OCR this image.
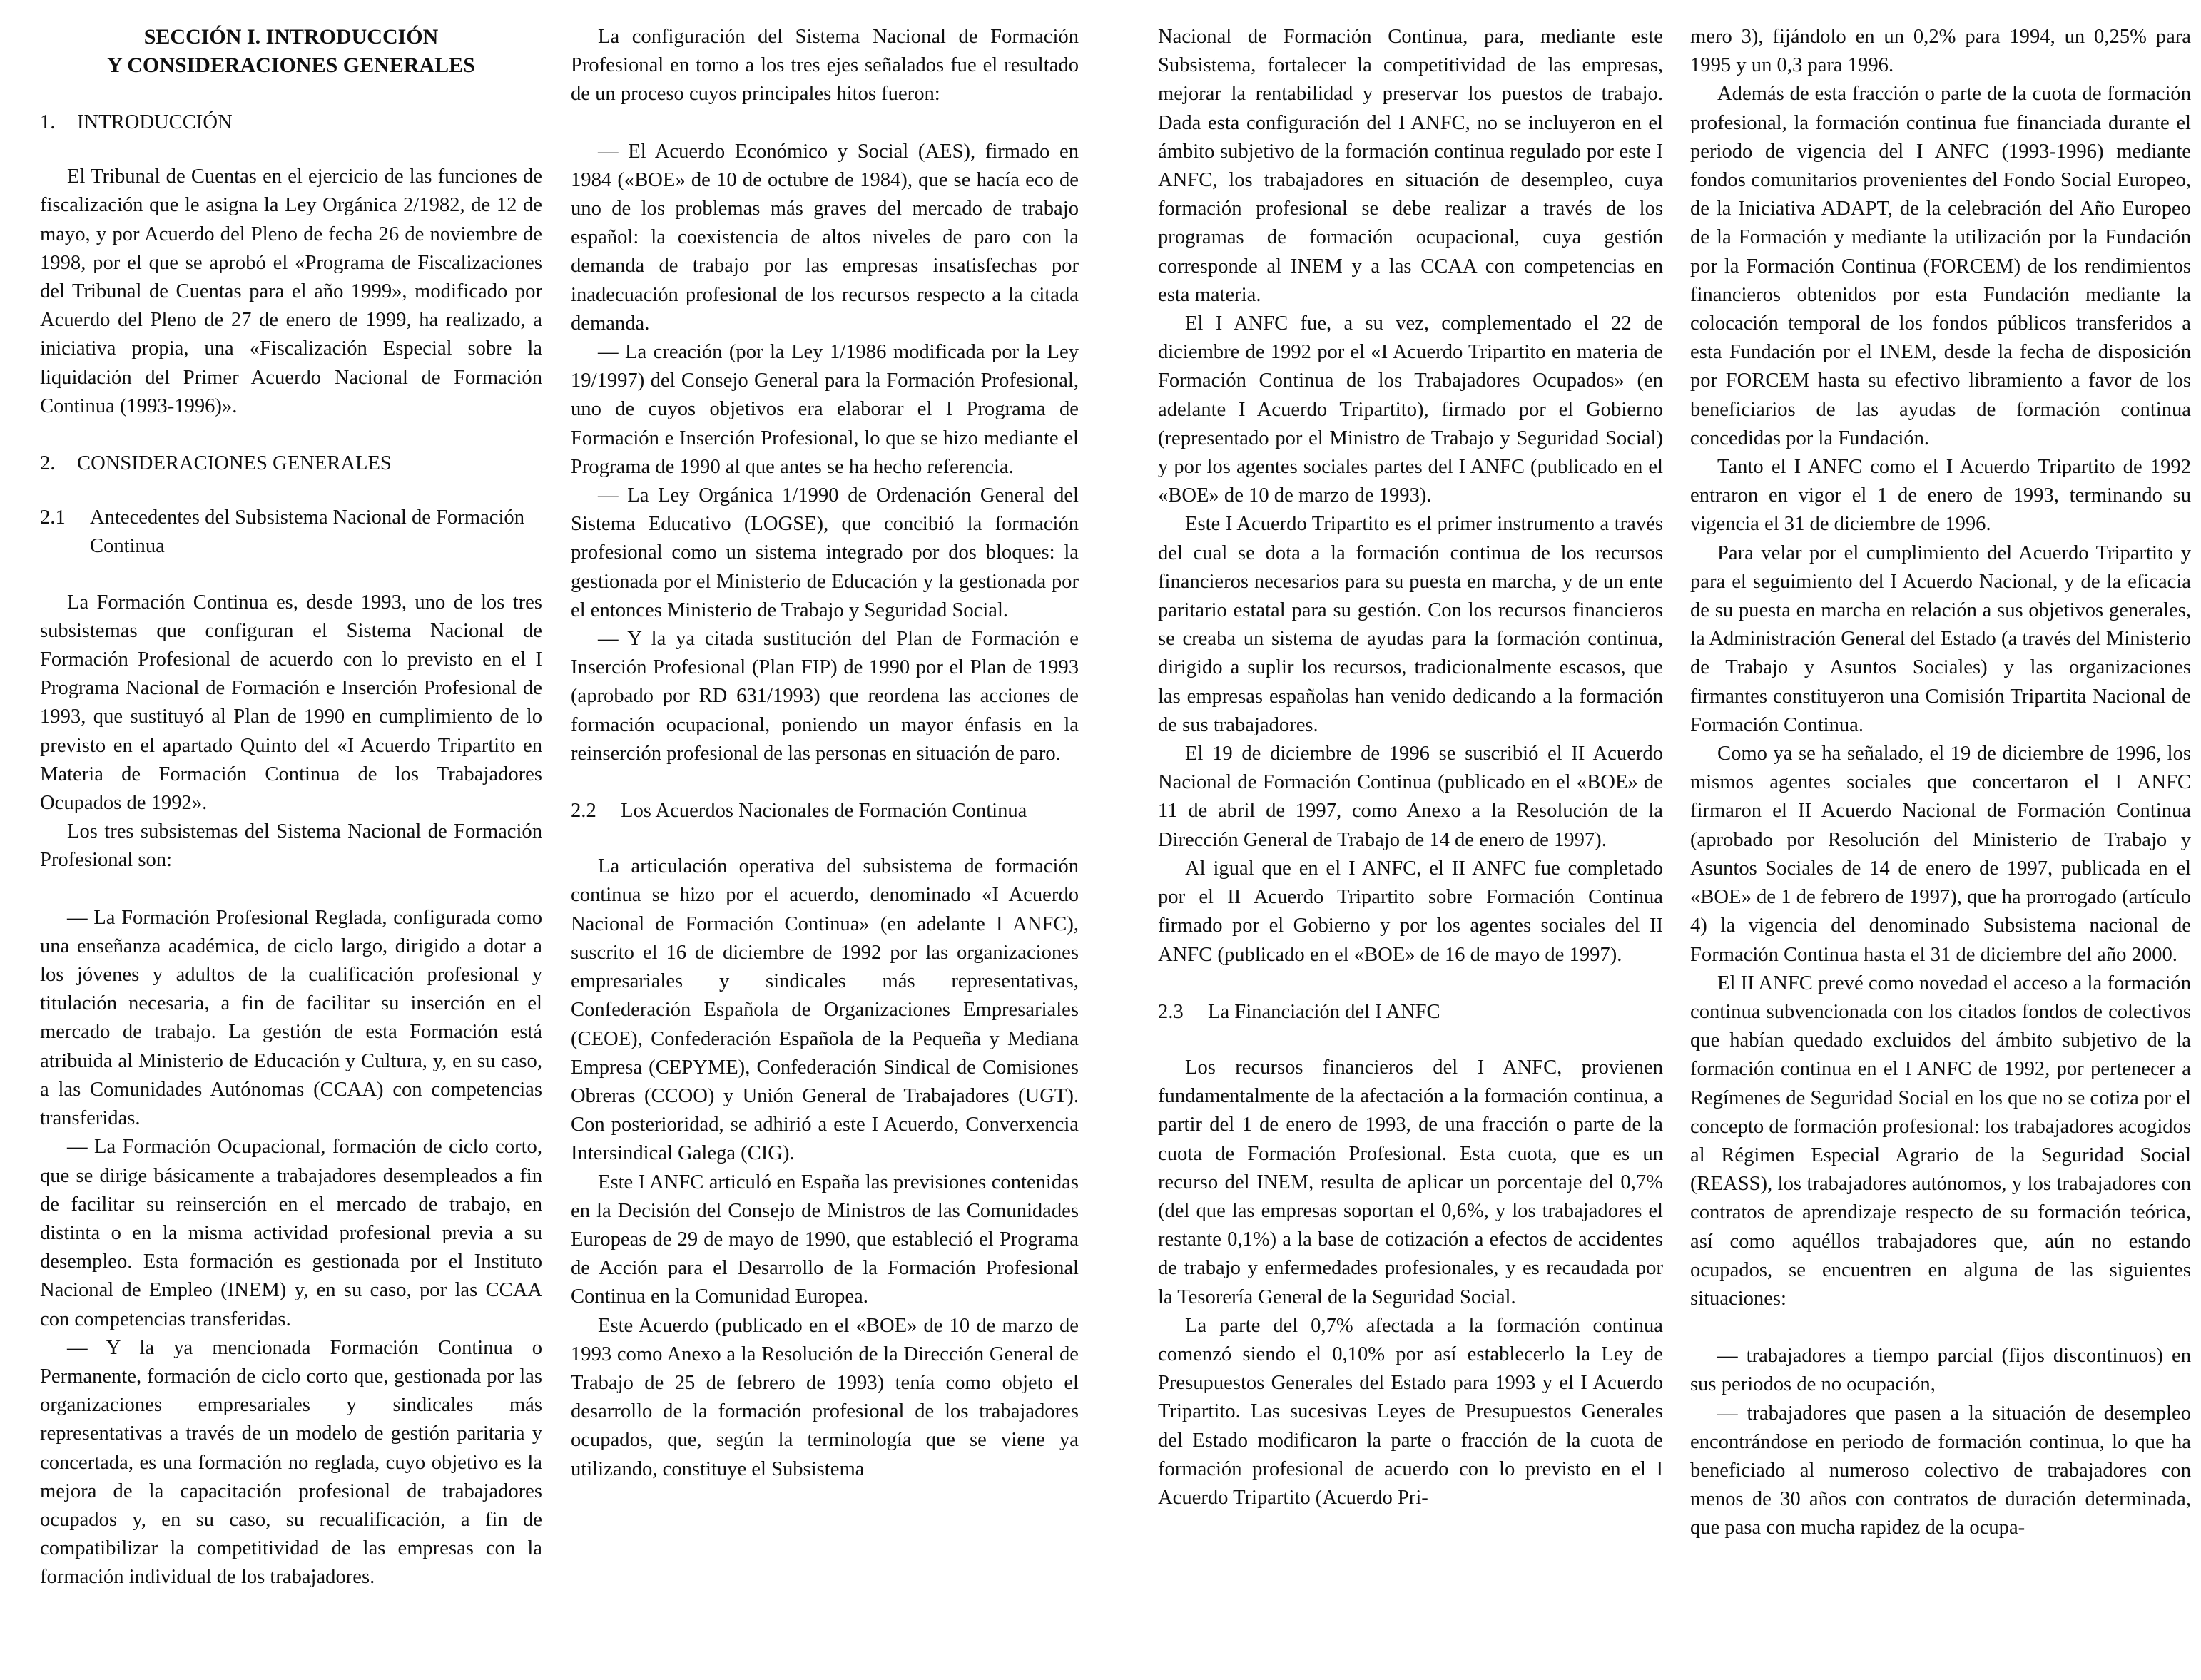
SECCIÓN I. INTRODUCCIÓN
Y CONSIDERACIONES GENERALES
1. INTRODUCCIÓN

El Tribunal de Cuentas en el ejercicio de las funciones de fiscalización que le asigna la Ley Orgánica 2/1982, de 12 de mayo, y por Acuerdo del Pleno de fecha 26 de noviembre de 1998, por el que se aprobó el «Programa de Fiscalizaciones del Tribunal de Cuentas para el año 1999», modificado por Acuerdo del Pleno de 27 de enero de 1999, ha realizado, a iniciativa propia, una «Fiscalización Especial sobre la liquidación del Primer Acuerdo Nacional de Formación Continua (1993-1996)».

2. CONSIDERACIONES GENERALES
2.1 Antecedentes del Subsistema Nacional de Formación Continua

La Formación Continua es, desde 1993, uno de los tres subsistemas que configuran el Sistema Nacional de Formación Profesional de acuerdo con lo previsto en el I Programa Nacional de Formación e Inserción Profesional de 1993, que sustituyó al Plan de 1990 en cumplimiento de lo previsto en el apartado Quinto del «I Acuerdo Tripartito en Materia de Formación Continua de los Trabajadores Ocupados de 1992».

Los tres subsistemas del Sistema Nacional de Formación Profesional son:

— La Formación Profesional Reglada, configurada como una enseñanza académica, de ciclo largo, dirigido a dotar a los jóvenes y adultos de la cualificación profesional y titulación necesaria, a fin de facilitar su inserción en el mercado de trabajo. La gestión de esta Formación está atribuida al Ministerio de Educación y Cultura, y, en su caso, a las Comunidades Autónomas (CCAA) con competencias transferidas.

— La Formación Ocupacional, formación de ciclo corto, que se dirige básicamente a trabajadores desempleados a fin de facilitar su reinserción en el mercado de trabajo, en distinta o en la misma actividad profesional previa a su desempleo. Esta formación es gestionada por el Instituto Nacional de Empleo (INEM) y, en su caso, por las CCAA con competencias transferidas.

— Y la ya mencionada Formación Continua o Permanente, formación de ciclo corto que, gestionada por las organizaciones empresariales y sindicales más representativas a través de un modelo de gestión paritaria y concertada, es una formación no reglada, cuyo objetivo es la mejora de la capacitación profesional de trabajadores ocupados y, en su caso, su recualificación, a fin de compatibilizar la competitividad de las empresas con la formación individual de los trabajadores.

La configuración del Sistema Nacional de Formación Profesional en torno a los tres ejes señalados fue el resultado de un proceso cuyos principales hitos fueron:

— El Acuerdo Económico y Social (AES), firmado en 1984 («BOE» de 10 de octubre de 1984), que se hacía eco de uno de los problemas más graves del mercado de trabajo español: la coexistencia de altos niveles de paro con la demanda de trabajo por las empresas insatisfechas por inadecuación profesional de los recursos respecto a la citada demanda.

— La creación (por la Ley 1/1986 modificada por la Ley 19/1997) del Consejo General para la Formación Profesional, uno de cuyos objetivos era elaborar el I Programa de Formación e Inserción Profesional, lo que se hizo mediante el Programa de 1990 al que antes se ha hecho referencia.

— La Ley Orgánica 1/1990 de Ordenación General del Sistema Educativo (LOGSE), que concibió la formación profesional como un sistema integrado por dos bloques: la gestionada por el Ministerio de Educación y la gestionada por el entonces Ministerio de Trabajo y Seguridad Social.

— Y la ya citada sustitución del Plan de Formación e Inserción Profesional (Plan FIP) de 1990 por el Plan de 1993 (aprobado por RD 631/1993) que reordena las acciones de formación ocupacional, poniendo un mayor énfasis en la reinserción profesional de las personas en situación de paro.

2.2 Los Acuerdos Nacionales de Formación Continua

La articulación operativa del subsistema de formación continua se hizo por el acuerdo, denominado «I Acuerdo Nacional de Formación Continua» (en adelante I ANFC), suscrito el 16 de diciembre de 1992 por las organizaciones empresariales y sindicales más representativas, Confederación Española de Organizaciones Empresariales (CEOE), Confederación Española de la Pequeña y Mediana Empresa (CEPYME), Confederación Sindical de Comisiones Obreras (CCOO) y Unión General de Trabajadores (UGT). Con posterioridad, se adhirió a este I Acuerdo, Converxencia Intersindical Galega (CIG).

Este I ANFC articuló en España las previsiones contenidas en la Decisión del Consejo de Ministros de las Comunidades Europeas de 29 de mayo de 1990, que estableció el Programa de Acción para el Desarrollo de la Formación Profesional Continua en la Comunidad Europea.

Este Acuerdo (publicado en el «BOE» de 10 de marzo de 1993 como Anexo a la Resolución de la Dirección General de Trabajo de 25 de febrero de 1993) tenía como objeto el desarrollo de la formación profesional de los trabajadores ocupados, que, según la terminología que se viene ya utilizando, constituye el Subsistema

Nacional de Formación Continua, para, mediante este Subsistema, fortalecer la competitividad de las empresas, mejorar la rentabilidad y preservar los puestos de trabajo. Dada esta configuración del I ANFC, no se incluyeron en el ámbito subjetivo de la formación continua regulado por este I ANFC, los trabajadores en situación de desempleo, cuya formación profesional se debe realizar a través de los programas de formación ocupacional, cuya gestión corresponde al INEM y a las CCAA con competencias en esta materia.

El I ANFC fue, a su vez, complementado el 22 de diciembre de 1992 por el «I Acuerdo Tripartito en materia de Formación Continua de los Trabajadores Ocupados» (en adelante I Acuerdo Tripartito), firmado por el Gobierno (representado por el Ministro de Trabajo y Seguridad Social) y por los agentes sociales partes del I ANFC (publicado en el «BOE» de 10 de marzo de 1993).

Este I Acuerdo Tripartito es el primer instrumento a través del cual se dota a la formación continua de los recursos financieros necesarios para su puesta en marcha, y de un ente paritario estatal para su gestión. Con los recursos financieros se creaba un sistema de ayudas para la formación continua, dirigido a suplir los recursos, tradicionalmente escasos, que las empresas españolas han venido dedicando a la formación de sus trabajadores.

El 19 de diciembre de 1996 se suscribió el II Acuerdo Nacional de Formación Continua (publicado en el «BOE» de 11 de abril de 1997, como Anexo a la Resolución de la Dirección General de Trabajo de 14 de enero de 1997).

Al igual que en el I ANFC, el II ANFC fue completado por el II Acuerdo Tripartito sobre Formación Continua firmado por el Gobierno y por los agentes sociales del II ANFC (publicado en el «BOE» de 16 de mayo de 1997).

2.3 La Financiación del I ANFC

Los recursos financieros del I ANFC, provienen fundamentalmente de la afectación a la formación continua, a partir del 1 de enero de 1993, de una fracción o parte de la cuota de Formación Profesional. Esta cuota, que es un recurso del INEM, resulta de aplicar un porcentaje del 0,7% (del que las empresas soportan el 0,6%, y los trabajadores el restante 0,1%) a la base de cotización a efectos de accidentes de trabajo y enfermedades profesionales, y es recaudada por la Tesorería General de la Seguridad Social.

La parte del 0,7% afectada a la formación continua comenzó siendo el 0,10% por así establecerlo la Ley de Presupuestos Generales del Estado para 1993 y el I Acuerdo Tripartito. Las sucesivas Leyes de Presupuestos Generales del Estado modificaron la parte o fracción de la cuota de formación profesional de acuerdo con lo previsto en el I Acuerdo Tripartito (Acuerdo Pri-

mero 3), fijándolo en un 0,2% para 1994, un 0,25% para 1995 y un 0,3 para 1996.

Además de esta fracción o parte de la cuota de formación profesional, la formación continua fue financiada durante el periodo de vigencia del I ANFC (1993-1996) mediante fondos comunitarios provenientes del Fondo Social Europeo, de la Iniciativa ADAPT, de la celebración del Año Europeo de la Formación y mediante la utilización por la Fundación por la Formación Continua (FORCEM) de los rendimientos financieros obtenidos por esta Fundación mediante la colocación temporal de los fondos públicos transferidos a esta Fundación por el INEM, desde la fecha de disposición por FORCEM hasta su efectivo libramiento a favor de los beneficiarios de las ayudas de formación continua concedidas por la Fundación.

Tanto el I ANFC como el I Acuerdo Tripartito de 1992 entraron en vigor el 1 de enero de 1993, terminando su vigencia el 31 de diciembre de 1996.

Para velar por el cumplimiento del Acuerdo Tripartito y para el seguimiento del I Acuerdo Nacional, y de la eficacia de su puesta en marcha en relación a sus objetivos generales, la Administración General del Estado (a través del Ministerio de Trabajo y Asuntos Sociales) y las organizaciones firmantes constituyeron una Comisión Tripartita Nacional de Formación Continua.

Como ya se ha señalado, el 19 de diciembre de 1996, los mismos agentes sociales que concertaron el I ANFC firmaron el II Acuerdo Nacional de Formación Continua (aprobado por Resolución del Ministerio de Trabajo y Asuntos Sociales de 14 de enero de 1997, publicada en el «BOE» de 1 de febrero de 1997), que ha prorrogado (artículo 4) la vigencia del denominado Subsistema nacional de Formación Continua hasta el 31 de diciembre del año 2000.

El II ANFC prevé como novedad el acceso a la formación continua subvencionada con los citados fondos de colectivos que habían quedado excluidos del ámbito subjetivo de la formación continua en el I ANFC de 1992, por pertenecer a Regímenes de Seguridad Social en los que no se cotiza por el concepto de formación profesional: los trabajadores acogidos al Régimen Especial Agrario de la Seguridad Social (REASS), los trabajadores autónomos, y los trabajadores con contratos de aprendizaje respecto de su formación teórica, así como aquéllos trabajadores que, aún no estando ocupados, se encuentren en alguna de las siguientes situaciones:

— trabajadores a tiempo parcial (fijos discontinuos) en sus periodos de no ocupación,

— trabajadores que pasen a la situación de desempleo encontrándose en periodo de formación continua, lo que ha beneficiado al numeroso colectivo de trabajadores con menos de 30 años con contratos de duración determinada, que pasa con mucha rapidez de la ocupa-
